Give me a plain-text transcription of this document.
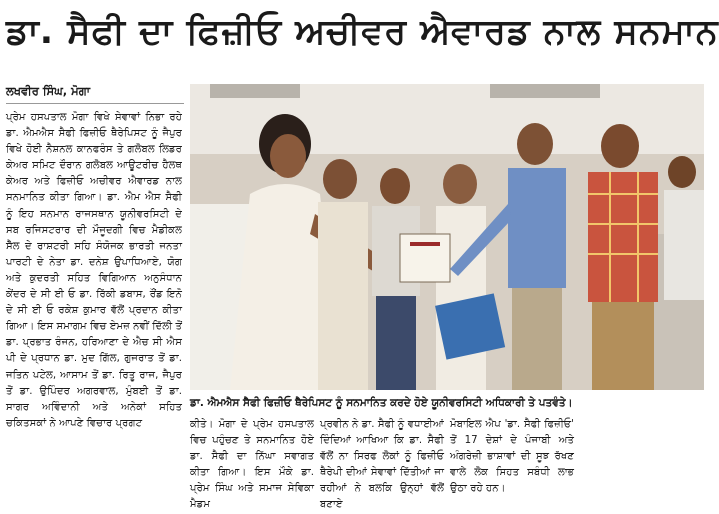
ਡਾ. ਸੈਫੀ ਦਾ ਫਿਜ਼ੀਓ ਅਚੀਵਰ ਐਵਾਰਡ ਨਾਲ ਸਨਮਾਨ
ਲਖਵੀਰ ਸਿੰਘ, ਮੋਗਾ
ਪ੍ਰੇਮ ਹਸਪਤਾਲ ਮੋਗਾ ਵਿਖੇ ਸੇਵਾਵਾਂ ਨਿਭਾ ਰਹੇ ਡਾ. ਐਮਐਸ ਸੈਫੀ ਫਿਜ਼ੀਓ ਥੈਰੇਪਿਸਟ ਨੂੰ ਜੈਪੁਰ ਵਿਖੇ ਹੋਈ ਨੈਸ਼ਨਲ ਕਾਨਫਰੰਸ ਤੇ ਗਲੋਬਲ ਲਿਡਰ ਕੇਅਰ ਸਮਿਟ ਦੌਰਾਨ ਗਲੋਬਲ ਆਊਟਰੀਚ ਹੈਲਥ ਕੇਅਰ ਅਤੇ ਫਿਜ਼ੀਓ ਅਚੀਵਰ ਐਵਾਰਡ ਨਾਲ ਸਨਮਾਨਿਤ ਕੀਤਾ ਗਿਆ। ਡਾ. ਐਮ ਐਸ ਸੈਫੀ ਨੂੰ ਇਹ ਸਨਮਾਨ ਰਾਜਸਥਾਨ ਯੂਨੀਵਰਸਿਟੀ ਦੇ ਸਬ ਰਜਿਸਟਰਾਰ ਦੀ ਮੌਜੂਦਗੀ ਵਿਚ ਮੈਡੀਕਲ ਸੈੱਲ ਦੇ ਰਾਸ਼ਟਰੀ ਸਹਿ ਸੰਯੋਜਕ ਭਾਰਤੀ ਜਨਤਾ ਪਾਰਟੀ ਦੇ ਨੇਤਾ ਡਾ. ਦਨੇਸ਼ ਉਪਾਧਿਆਏ, ਯੋਗ ਅਤੇ ਕੁਦਰਤੀ ਸਹਿਤ ਵਿਗਿਆਨ ਅਨੁਸੰਧਾਨ ਕੇਂਦਰ ਦੇ ਸੀ ਈ ਓ ਡਾ. ਰਿੱਕੀ ਡਬਾਸ, ਰੌਂਡ ਇਨੋ ਦੇ ਸੀ ਈ ਓ ਰਕੇਸ਼ ਕੁਮਾਰ ਵੱਲੋਂ ਪ੍ਰਦਾਨ ਕੀਤਾ ਗਿਆ। ਇਸ ਸਮਾਗਮ ਵਿਚ ਏਮਜ਼ ਨਵੀਂ ਦਿੱਲੀ ਤੋਂ ਡਾ. ਪ੍ਰਭਾਤ ਰੰਜਨ, ਹਰਿਆਣਾ ਦੇ ਐਚ ਸੀ ਐਸ ਪੀ ਦੇ ਪ੍ਰਧਾਨ ਡਾ. ਮੁਦ ਗਿੱਲ, ਗੁਜਰਾਤ ਤੋਂ ਡਾ. ਜਤਿਨ ਪਟੇਲ, ਆਸਾਮ ਤੋਂ ਡਾ. ਰਿਤੂ ਰਾਜ, ਜੈਪੁਰ ਤੋਂ ਡਾ. ਉਪਿੰਦਰ ਅਗਰਵਾਲ, ਮੁੰਬਈ ਤੋਂ ਡਾ. ਸਾਗਰ ਅਵਿੰਦਾਨੀ ਅਤੇ ਅਨੇਕਾਂ ਸਹਿਤ ਚਕਿਤਸਕਾਂ ਨੇ ਆਪਣੇ ਵਿਚਾਰ ਪ੍ਰਗਟ
ਡਾ. ਐਮਐਸ ਸੈਫੀ ਫਿਜ਼ੀਓ ਥੈਰੇਪਿਸਟ ਨੂੰ ਸਨਮਾਨਿਤ ਕਰਦੇ ਹੋਏ ਯੂਨੀਵਰਸਿਟੀ ਅਧਿਕਾਰੀ ਤੇ ਪਤਵੰਤੇ।
ਕੀਤੇ। ਮੋਗਾ ਦੇ ਪ੍ਰੇਮ ਹਸਪਤਾਲ ਵਿਚ ਪਹੁੰਚਣ ਤੇ ਸਨਮਾਨਿਤ ਹੋਏ ਡਾ. ਸੈਫੀ ਦਾ ਨਿੱਘਾ ਸਵਾਗਤ ਕੀਤਾ ਗਿਆ। ਇਸ ਮੌਕੇ ਡਾ. ਪ੍ਰੇਮ ਸਿੰਘ ਅਤੇ ਸਮਾਜ ਸੇਵਿਕਾ ਮੈਡਮ
ਪ੍ਰਵੀਨ ਨੇ ਡਾ. ਸੈਫੀ ਨੂੰ ਵਧਾਈਆਂ ਦਿੰਦਿਆਂ ਆਖਿਆ ਕਿ ਡਾ. ਸੈਫੀ ਵੱਲੋਂ ਨਾ ਸਿਰਫ ਲੋਕਾਂ ਨੂੰ ਫਿਜ਼ੀਓ ਥੈਰੇਪੀ ਦੀਆਂ ਸੇਵਾਵਾਂ ਦਿੱਤੀਆਂ ਜਾ ਰਹੀਆਂ ਨੇ ਬਲਕਿ ਉਨ੍ਹਾਂ ਵੱਲੋਂ ਬਣਾਏ
ਮੋਬਾਇਲ ਐਪ 'ਡਾ. ਸੈਫੀ ਫਿਜ਼ੀਓ' ਤੋਂ 17 ਦੇਸ਼ਾਂ ਦੇ ਪੰਜਾਬੀ ਅਤੇ ਅੰਗਰੇਜ਼ੀ ਭਾਸ਼ਾਵਾਂ ਦੀ ਸੂਝ ਰੱਖਣ ਵਾਲੇ ਲੋਕ ਸਿਹਤ ਸਬੰਧੀ ਲਾਭ ਉਠਾ ਰਹੇ ਹਨ।
